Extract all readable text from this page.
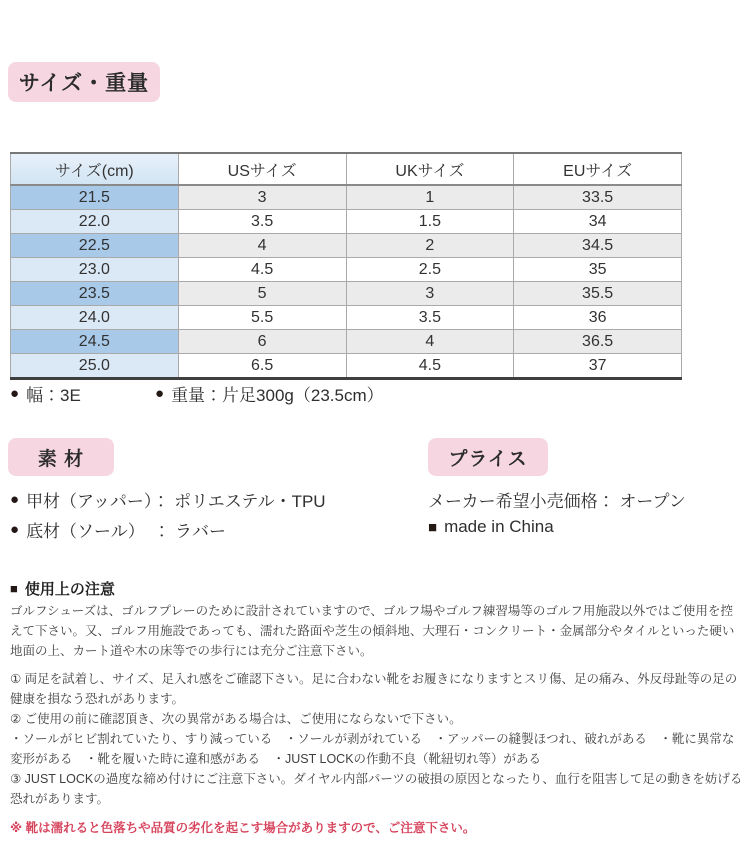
サイズ・重量
サイズ(cm)	USサイズ	UKサイズ	EUサイズ
21.5	3	1	33.5
22.0	3.5	1.5	34
22.5	4	2	34.5
23.0	4.5	2.5	35
23.5	5	3	35.5
24.0	5.5	3.5	36
24.5	6	4	36.5
25.0	6.5	4.5	37
● 幅：3E	● 重量：片足300g（23.5cm）
素 材	プライス
● 甲材（アッパー）： ポリエステル・TPU
● 底材（ソール）　： ラバー
メーカー希望小売価格： オープン
■ made in China
■ 使用上の注意

ゴルフシューズは、ゴルフプレーのために設計されていますので、ゴルフ場やゴルフ練習場等のゴルフ用施設以外ではご使用を控えて下さい。又、ゴルフ用施設であっても、濡れた路面や芝生の傾斜地、大理石・コンクリート・金属部分やタイルといった硬い地面の上、カート道や木の床等での歩行には充分ご注意下さい。

① 両足を試着し、サイズ、足入れ感をご確認下さい。足に合わない靴をお履きになりますとスリ傷、足の痛み、外反母趾等の足の健康を損なう恐れがあります。

② ご使用の前に確認頂き、次の異常がある場合は、ご使用にならないで下さい。

・ソールがヒビ割れていたり、すり減っている　・ソールが剥がれている　・アッパーの縫製ほつれ、破れがある　・靴に異常な変形がある　・靴を履いた時に違和感がある　・JUST LOCKの作動不良（靴紐切れ等）がある

③ JUST LOCKの過度な締め付けにご注意下さい。ダイヤル内部パーツの破損の原因となったり、血行を阻害して足の動きを妨げる恐れがあります。

※ 靴は濡れると色落ちや品質の劣化を起こす場合がありますので、ご注意下さい。
